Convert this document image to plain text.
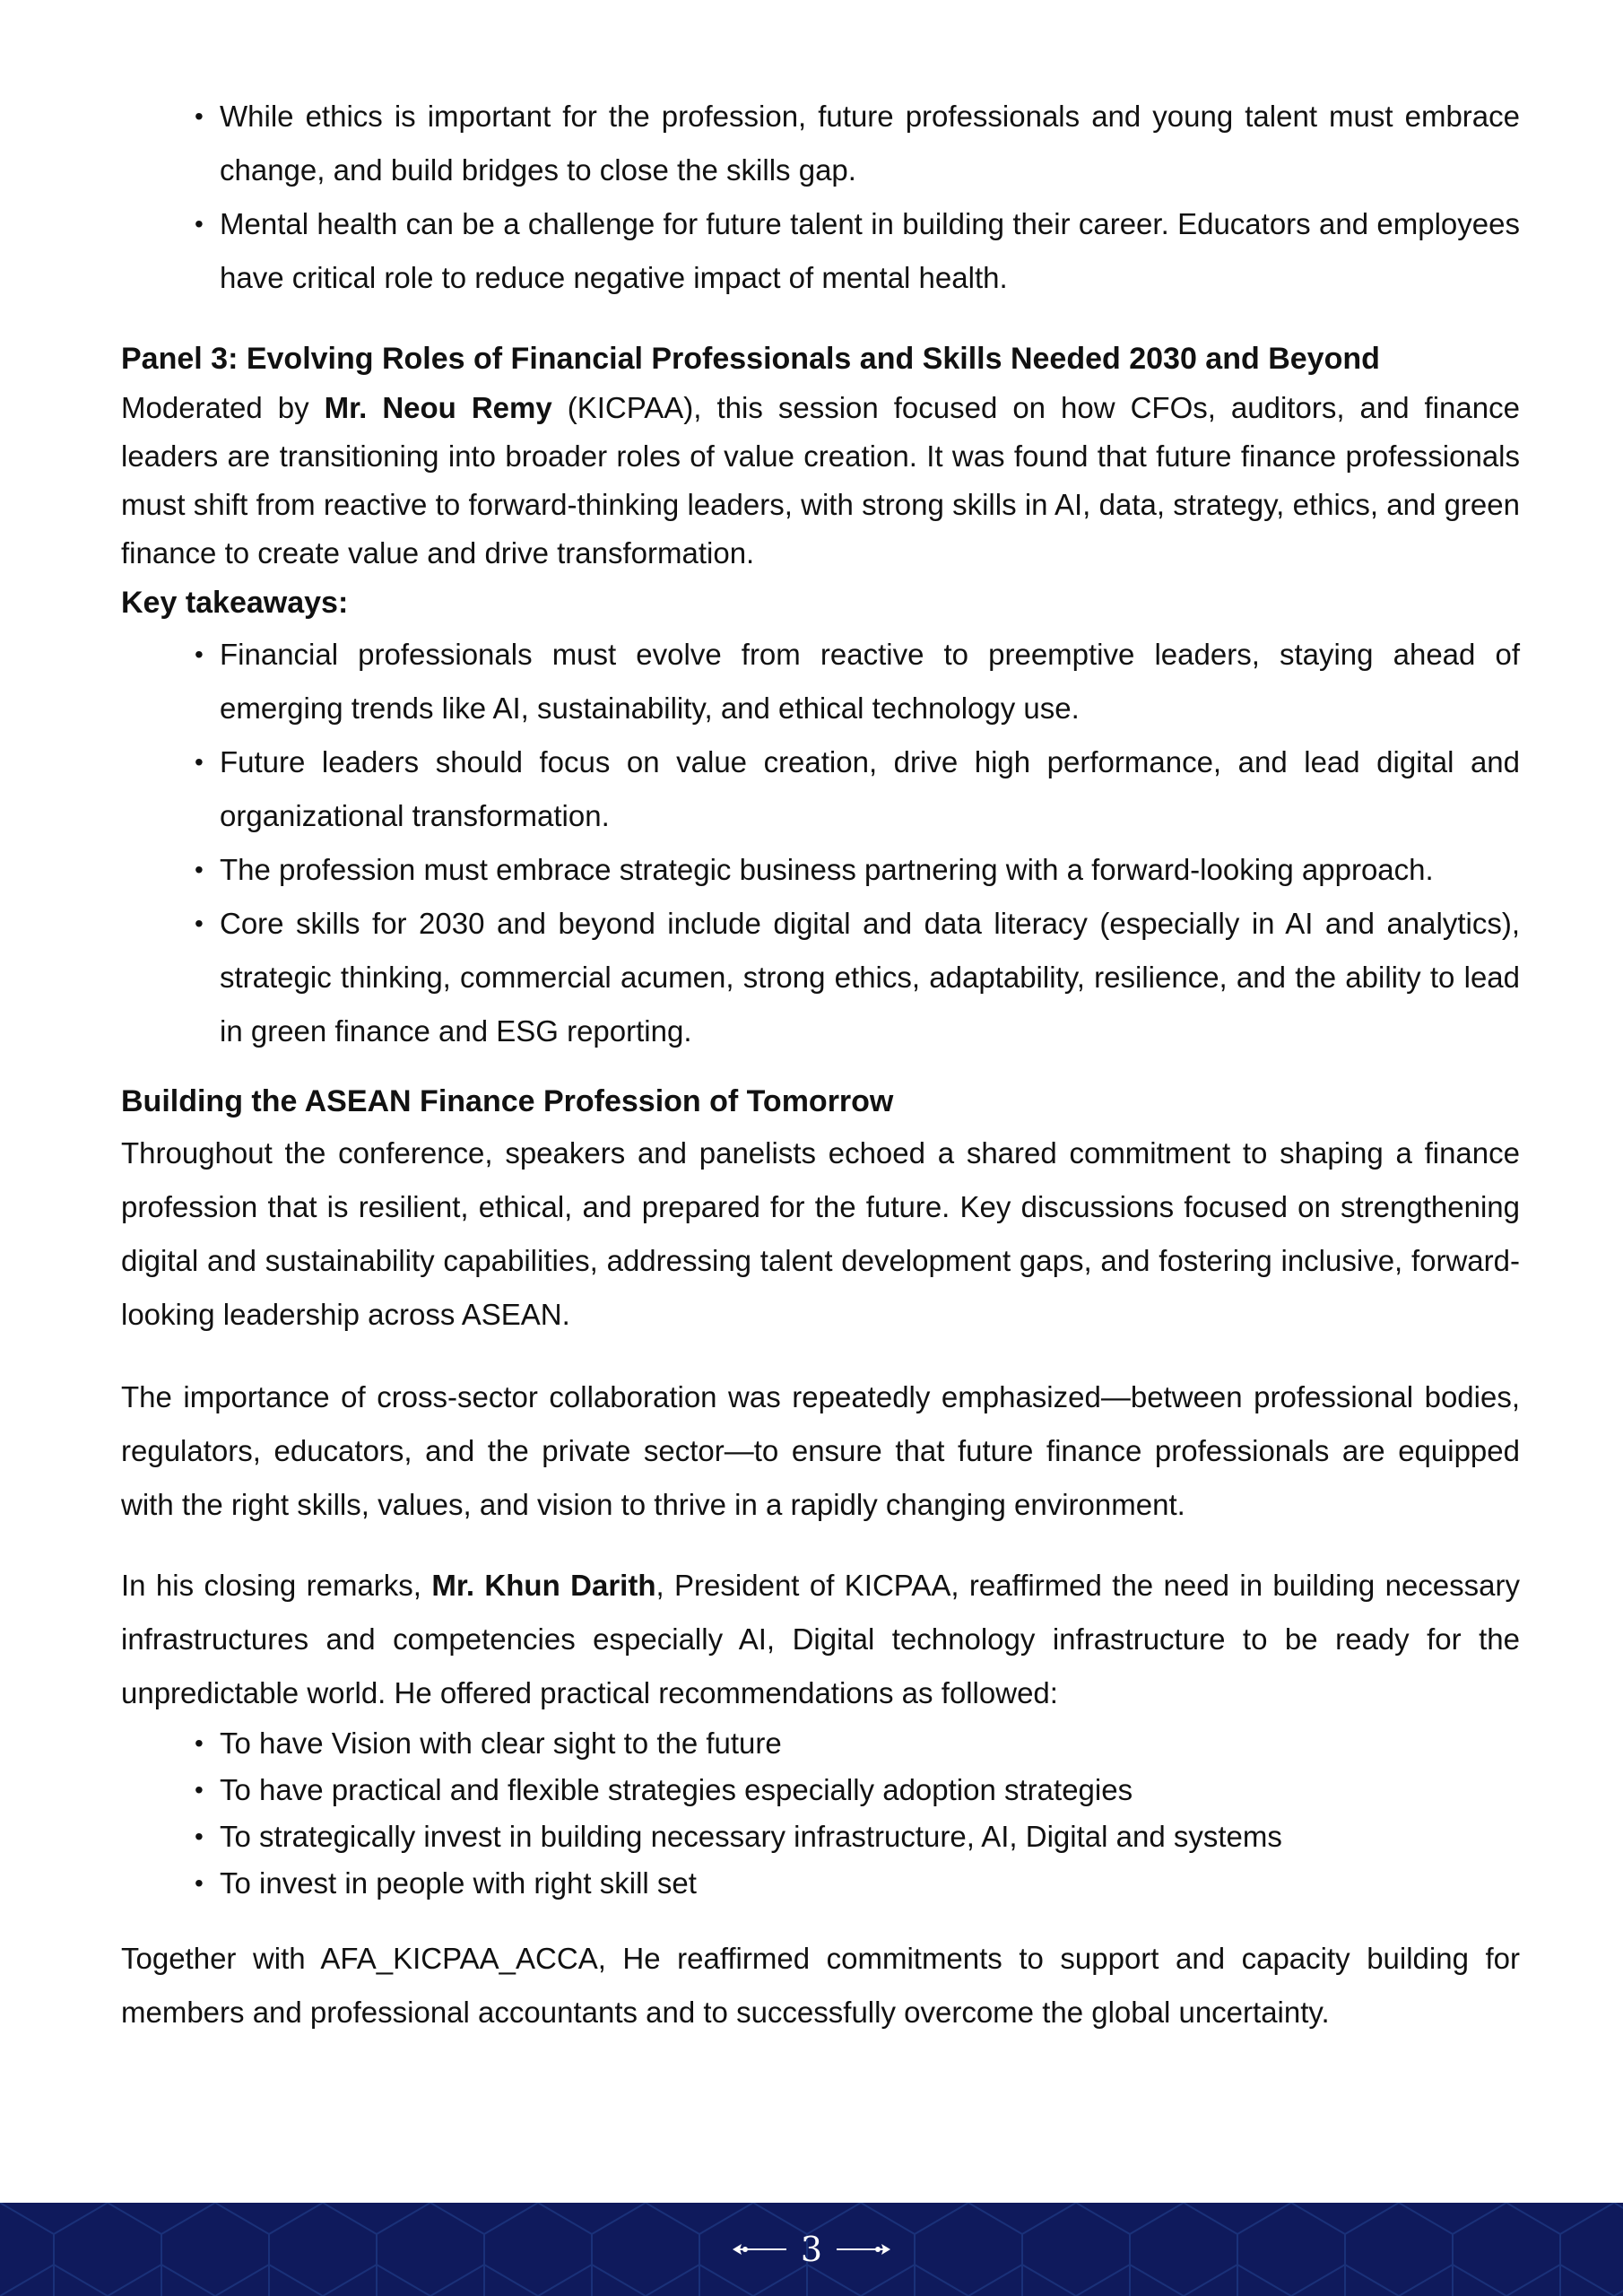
• While ethics is important for the profession, future professionals and young talent must embrace change, and build bridges to close the skills gap.
• Mental health can be a challenge for future talent in building their career. Educators and employees have critical role to reduce negative impact of mental health.
Panel 3: Evolving Roles of Financial Professionals and Skills Needed 2030 and Beyond

Moderated by Mr. Neou Remy (KICPAA), this session focused on how CFOs, auditors, and finance leaders are transitioning into broader roles of value creation. It was found that future finance professionals must shift from reactive to forward-thinking leaders, with strong skills in AI, data, strategy, ethics, and green finance to create value and drive transformation.

Key takeaways:
• Financial professionals must evolve from reactive to preemptive leaders, staying ahead of emerging trends like AI, sustainability, and ethical technology use.
• Future leaders should focus on value creation, drive high performance, and lead digital and organizational transformation.
• The profession must embrace strategic business partnering with a forward-looking approach.
• Core skills for 2030 and beyond include digital and data literacy (especially in AI and analytics), strategic thinking, commercial acumen, strong ethics, adaptability, resilience, and the ability to lead in green finance and ESG reporting.
Building the ASEAN Finance Profession of Tomorrow

Throughout the conference, speakers and panelists echoed a shared commitment to shaping a finance profession that is resilient, ethical, and prepared for the future. Key discussions focused on strengthening digital and sustainability capabilities, addressing talent development gaps, and fostering inclusive, forward-looking leadership across ASEAN.

The importance of cross-sector collaboration was repeatedly emphasized—between professional bodies, regulators, educators, and the private sector—to ensure that future finance professionals are equipped with the right skills, values, and vision to thrive in a rapidly changing environment.

In his closing remarks, Mr. Khun Darith, President of KICPAA, reaffirmed the need in building necessary infrastructures and competencies especially AI, Digital technology infrastructure to be ready for the unpredictable world. He offered practical recommendations as followed:

• To have Vision with clear sight to the future
• To have practical and flexible strategies especially adoption strategies
• To strategically invest in building necessary infrastructure, AI, Digital and systems
• To invest in people with right skill set

Together with AFA_KICPAA_ACCA, He reaffirmed commitments to support and capacity building for members and professional accountants and to successfully overcome the global uncertainty.

3
